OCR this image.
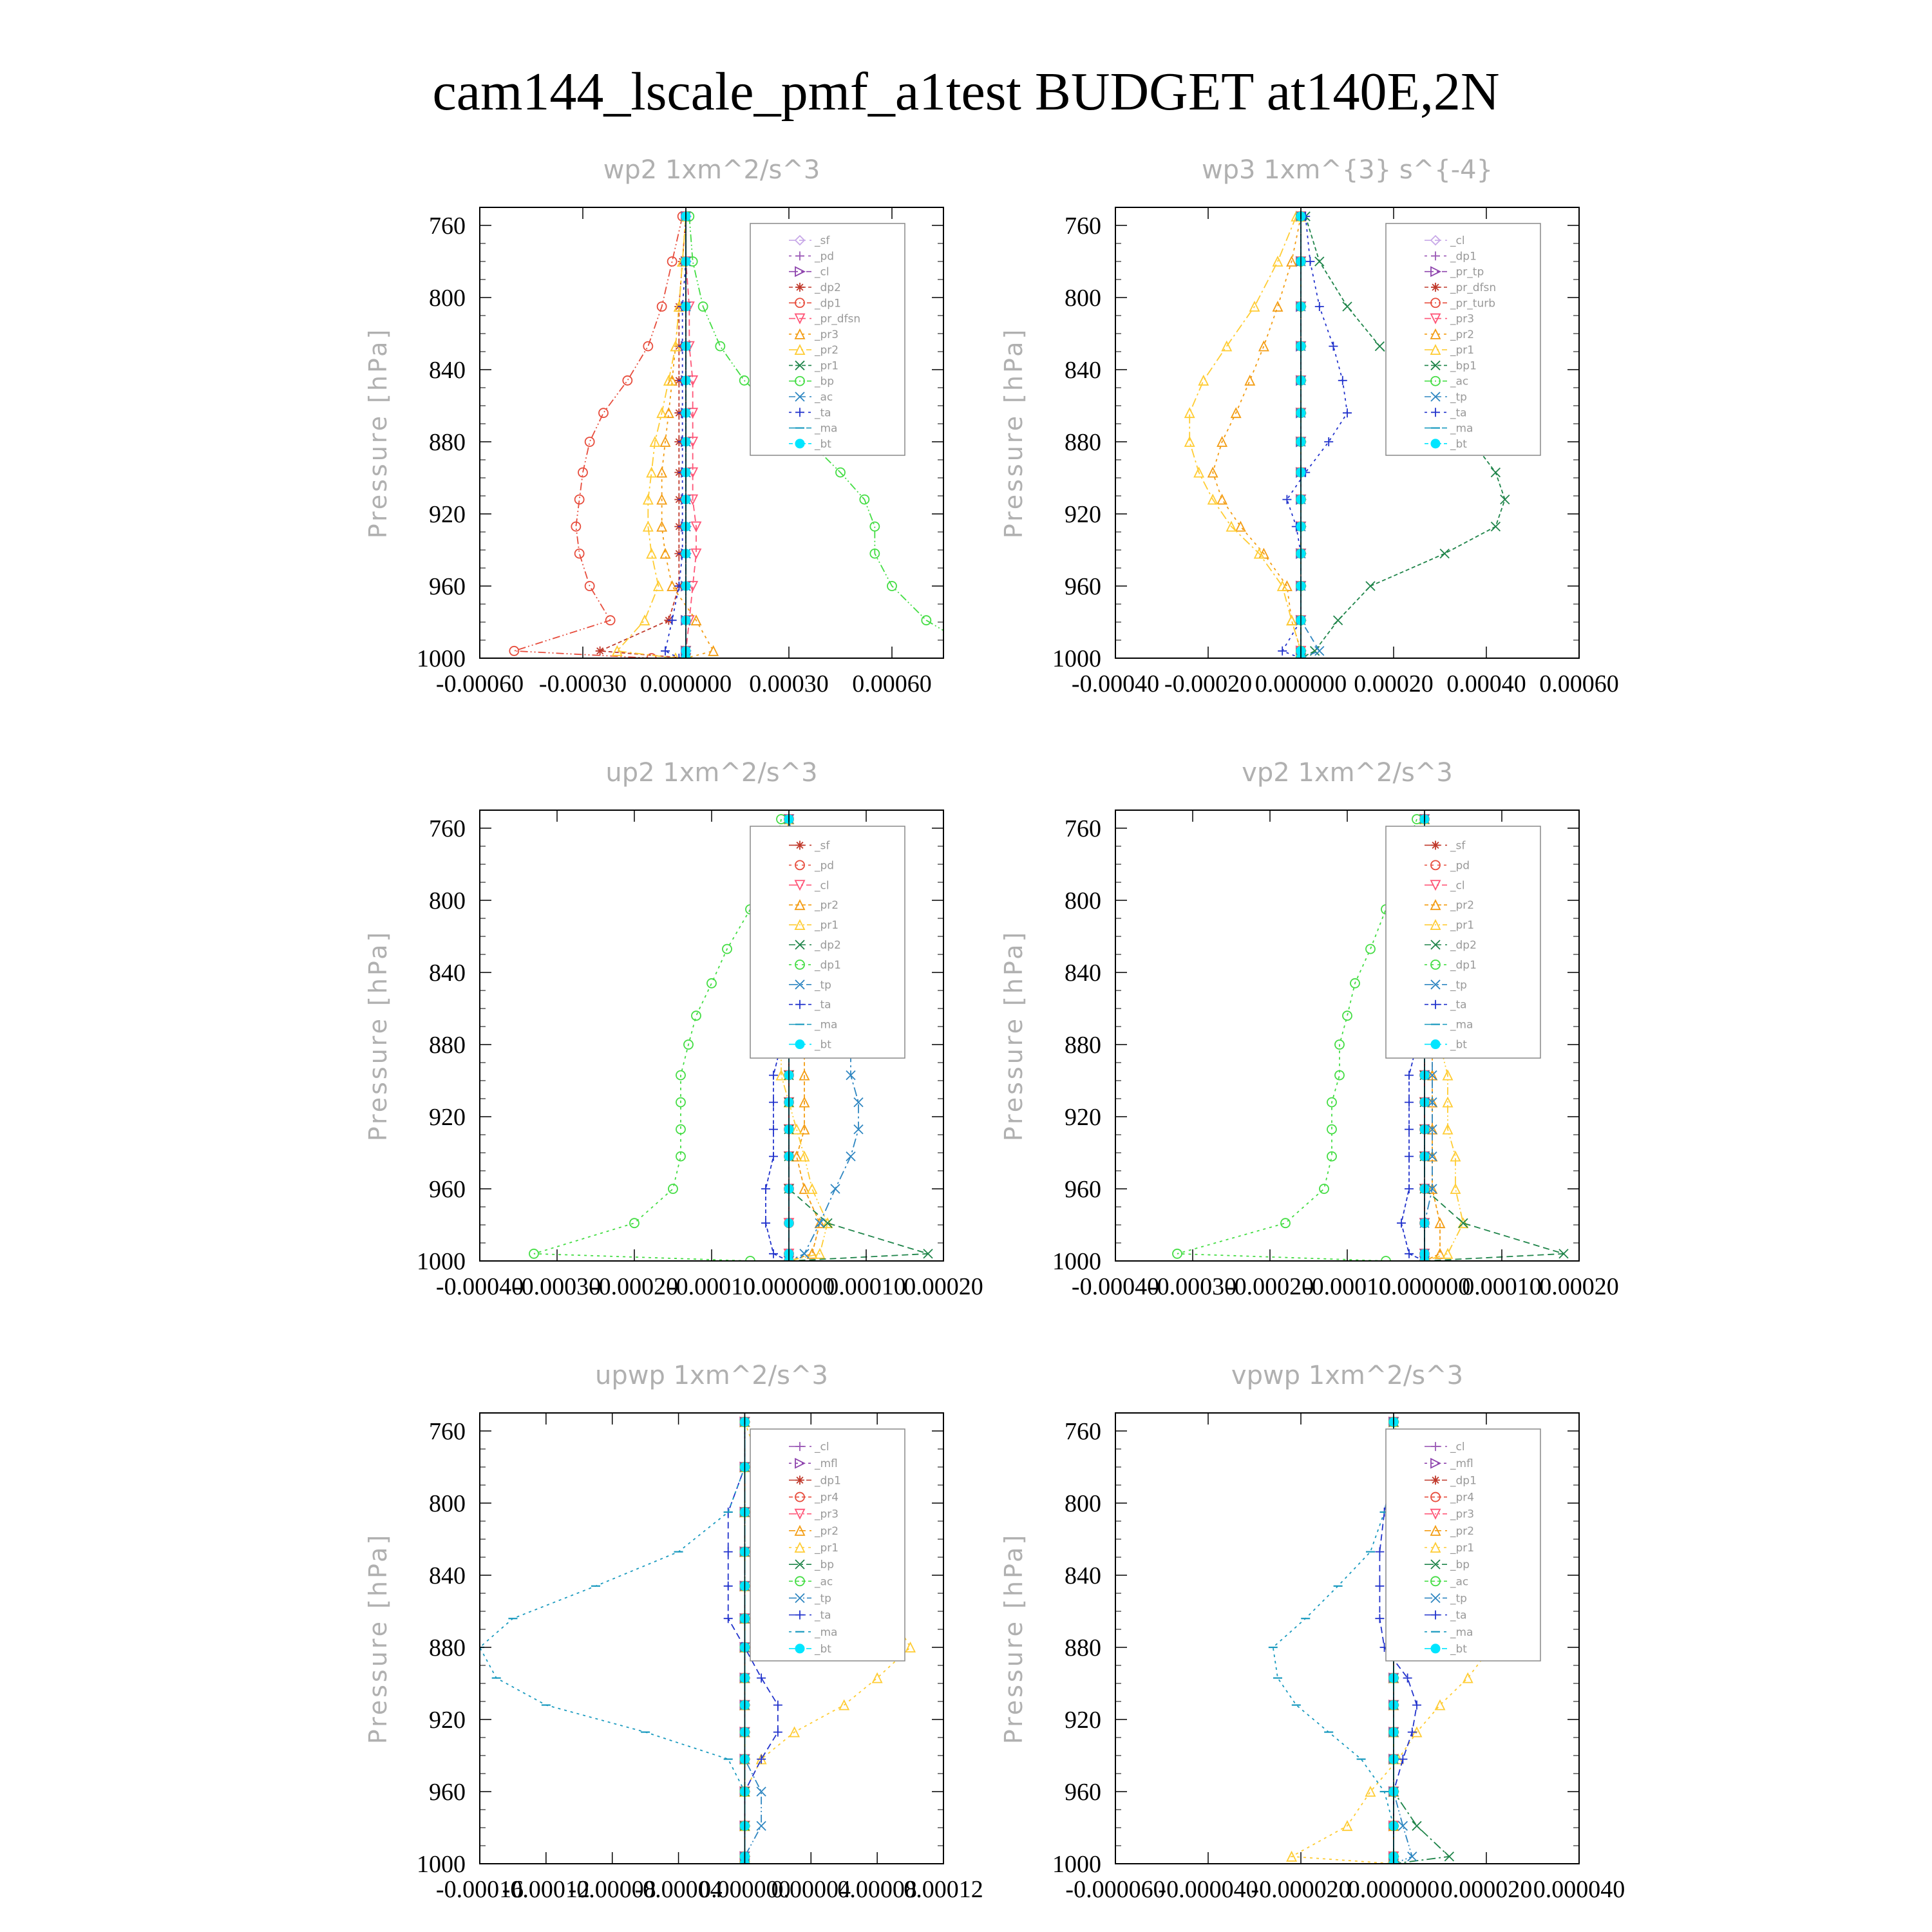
cam144_lscale_pmf_a1test BUDGET at140E,2N
wp2 1xm^2/s^3
Pressure [hPa]
760
800
840
880
920
960
1000
-0.00060 -0.00030 0.000000 0.00030 0.00060
_sf
_pd
_cl
_dp2
_dp1
_pr_dfsn
_pr3
_pr2
_pr1
_bp
_ac
_ta
_ma
_bt
wp3 1xm^{3} s^{-4}
Pressure [hPa]
760
800
840
880
920
960
1000
-0.00040 -0.00020 0.000000 0.00020 0.00040 0.00060
_cl
_dp1
_pr_tp
_pr_dfsn
_pr_turb
_pr3
_pr2
_pr1
_bp1
_ac
_tp
_ta
_ma
_bt
up2 1xm^2/s^3
Pressure [hPa]
760
800
840
880
920
960
1000
-0.00040
-0.00030
-0.00020
-0.00010
0.000000
0.00010
0.00020
_sf
_pd
_cl
_pr2
_pr1
_dp2
_dp1
_tp
_ta
_ma
_bt
vp2 1xm^2/s^3
Pressure [hPa]
760
800
840
880
920
960
1000
-0.00040
-0.00030
-0.00020
-0.00010
0.000000
0.00010
0.00020
_sf
_pd
_cl
_pr2
_pr1
_dp2
_dp1
_tp
_ta
_ma
_bt
upwp 1xm^2/s^3
Pressure [hPa]
760
800
840
880
920
960
1000
-0.00016
-0.00012
-0.00008
-0.00004
0.000000
0.00004
0.00008
0.00012
_cl
_mfl
_dp1
_pr4
_pr3
_pr2
_pr1
_bp
_ac
_tp
_ta
_ma
_bt
vpwp 1xm^2/s^3
Pressure [hPa]
760
800
840
880
920
960
1000
-0.000060
-0.000040
-0.000020
0.000000 0.000020 0.000040
_cl
_mfl
_dp1
_pr4
_pr3
_pr2
_pr1
_bp
_ac
_tp
_ta
_ma
_bt
